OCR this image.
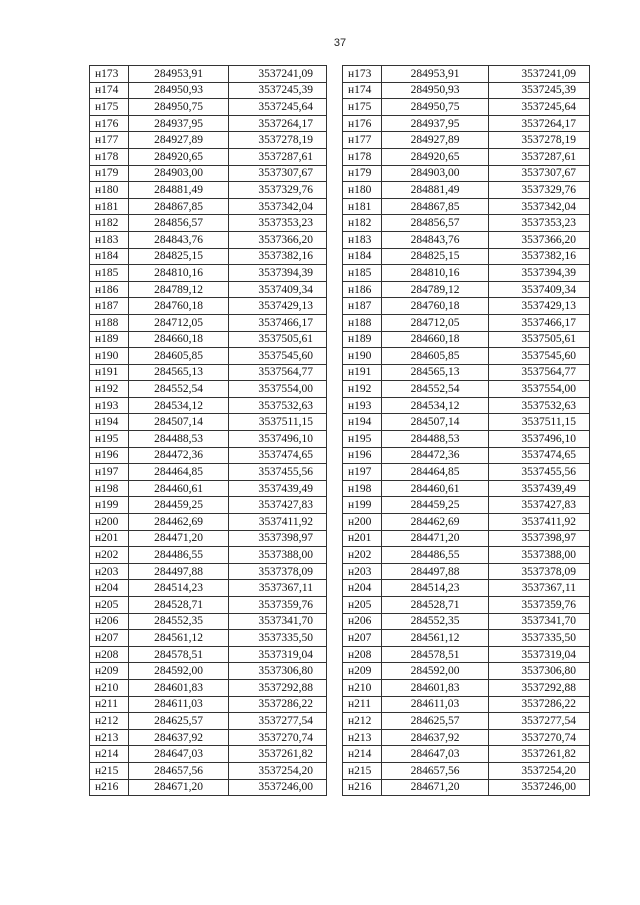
37
н173	284953,91	3537241,09
н174	284950,93	3537245,39
н175	284950,75	3537245,64
н176	284937,95	3537264,17
н177	284927,89	3537278,19
н178	284920,65	3537287,61
н179	284903,00	3537307,67
н180	284881,49	3537329,76
н181	284867,85	3537342,04
н182	284856,57	3537353,23
н183	284843,76	3537366,20
н184	284825,15	3537382,16
н185	284810,16	3537394,39
н186	284789,12	3537409,34
н187	284760,18	3537429,13
н188	284712,05	3537466,17
н189	284660,18	3537505,61
н190	284605,85	3537545,60
н191	284565,13	3537564,77
н192	284552,54	3537554,00
н193	284534,12	3537532,63
н194	284507,14	3537511,15
н195	284488,53	3537496,10
н196	284472,36	3537474,65
н197	284464,85	3537455,56
н198	284460,61	3537439,49
н199	284459,25	3537427,83
н200	284462,69	3537411,92
н201	284471,20	3537398,97
н202	284486,55	3537388,00
н203	284497,88	3537378,09
н204	284514,23	3537367,11
н205	284528,71	3537359,76
н206	284552,35	3537341,70
н207	284561,12	3537335,50
н208	284578,51	3537319,04
н209	284592,00	3537306,80
н210	284601,83	3537292,88
н211	284611,03	3537286,22
н212	284625,57	3537277,54
н213	284637,92	3537270,74
н214	284647,03	3537261,82
н215	284657,56	3537254,20
н216	284671,20	3537246,00
н173	284953,91	3537241,09
н174	284950,93	3537245,39
н175	284950,75	3537245,64
н176	284937,95	3537264,17
н177	284927,89	3537278,19
н178	284920,65	3537287,61
н179	284903,00	3537307,67
н180	284881,49	3537329,76
н181	284867,85	3537342,04
н182	284856,57	3537353,23
н183	284843,76	3537366,20
н184	284825,15	3537382,16
н185	284810,16	3537394,39
н186	284789,12	3537409,34
н187	284760,18	3537429,13
н188	284712,05	3537466,17
н189	284660,18	3537505,61
н190	284605,85	3537545,60
н191	284565,13	3537564,77
н192	284552,54	3537554,00
н193	284534,12	3537532,63
н194	284507,14	3537511,15
н195	284488,53	3537496,10
н196	284472,36	3537474,65
н197	284464,85	3537455,56
н198	284460,61	3537439,49
н199	284459,25	3537427,83
н200	284462,69	3537411,92
н201	284471,20	3537398,97
н202	284486,55	3537388,00
н203	284497,88	3537378,09
н204	284514,23	3537367,11
н205	284528,71	3537359,76
н206	284552,35	3537341,70
н207	284561,12	3537335,50
н208	284578,51	3537319,04
н209	284592,00	3537306,80
н210	284601,83	3537292,88
н211	284611,03	3537286,22
н212	284625,57	3537277,54
н213	284637,92	3537270,74
н214	284647,03	3537261,82
н215	284657,56	3537254,20
н216	284671,20	3537246,00
